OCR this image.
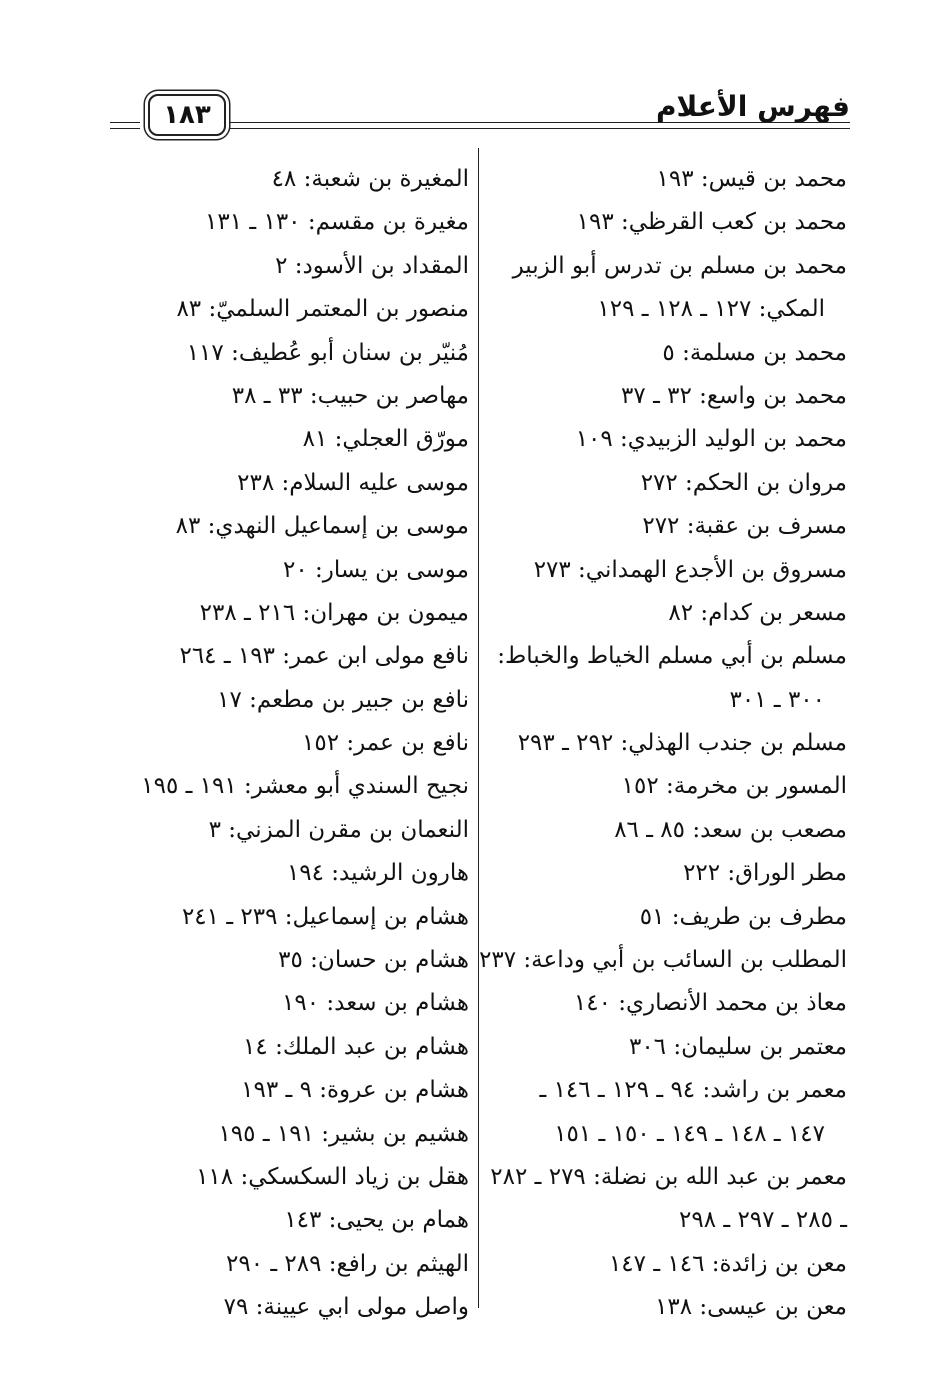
فهرس الأعلام
١٨٣
محمد بن قيس: ١٩٣
محمد بن كعب القرظي: ١٩٣
محمد بن مسلم بن تدرس أبو الزبير
المكي: ١٢٧ ـ ١٢٨ ـ ١٢٩
محمد بن مسلمة: ٥
محمد بن واسع: ٣٢ ـ ٣٧
محمد بن الوليد الزبيدي: ١٠٩
مروان بن الحكم: ٢٧٢
مسرف بن عقبة: ٢٧٢
مسروق بن الأجدع الهمداني: ٢٧٣
مسعر بن كدام: ٨٢
مسلم بن أبي مسلم الخياط والخباط:
٣٠٠ ـ ٣٠١
مسلم بن جندب الهذلي: ٢٩٢ ـ ٢٩٣
المسور بن مخرمة: ١٥٢
مصعب بن سعد: ٨٥ ـ ٨٦
مطر الوراق: ٢٢٢
مطرف بن طريف: ٥١
المطلب بن السائب بن أبي وداعة: ٢٣٧
معاذ بن محمد الأنصاري: ١٤٠
معتمر بن سليمان: ٣٠٦
معمر بن راشد: ٩٤ ـ ١٢٩ ـ ١٤٦ ـ
١٤٧ ـ ١٤٨ ـ ١٤٩ ـ ١٥٠ ـ ١٥١
معمر بن عبد الله بن نضلة: ٢٧٩ ـ ٢٨٢
ـ ٢٨٥ ـ ٢٩٧ ـ ٢٩٨
معن بن زائدة: ١٤٦ ـ ١٤٧
معن بن عيسى: ١٣٨
المغيرة بن شعبة: ٤٨
مغيرة بن مقسم: ١٣٠ ـ ١٣١
المقداد بن الأسود: ٢
منصور بن المعتمر السلميّ: ٨٣
مُنيّر بن سنان أبو عُطيف: ١١٧
مهاصر بن حبيب: ٣٣ ـ ٣٨
مورّق العجلي: ٨١
موسى عليه السلام: ٢٣٨
موسى بن إسماعيل النهدي: ٨٣
موسى بن يسار: ٢٠
ميمون بن مهران: ٢١٦ ـ ٢٣٨
نافع مولى ابن عمر: ١٩٣ ـ ٢٦٤
نافع بن جبير بن مطعم: ١٧
نافع بن عمر: ١٥٢
نجيح السندي أبو معشر: ١٩١ ـ ١٩٥
النعمان بن مقرن المزني: ٣
هارون الرشيد: ١٩٤
هشام بن إسماعيل: ٢٣٩ ـ ٢٤١
هشام بن حسان: ٣٥
هشام بن سعد: ١٩٠
هشام بن عبد الملك: ١٤
هشام بن عروة: ٩ ـ ١٩٣
هشيم بن بشير: ١٩١ ـ ١٩٥
هقل بن زياد السكسكي: ١١٨
همام بن يحيى: ١٤٣
الهيثم بن رافع: ٢٨٩ ـ ٢٩٠
واصل مولى ابي عيينة: ٧٩
